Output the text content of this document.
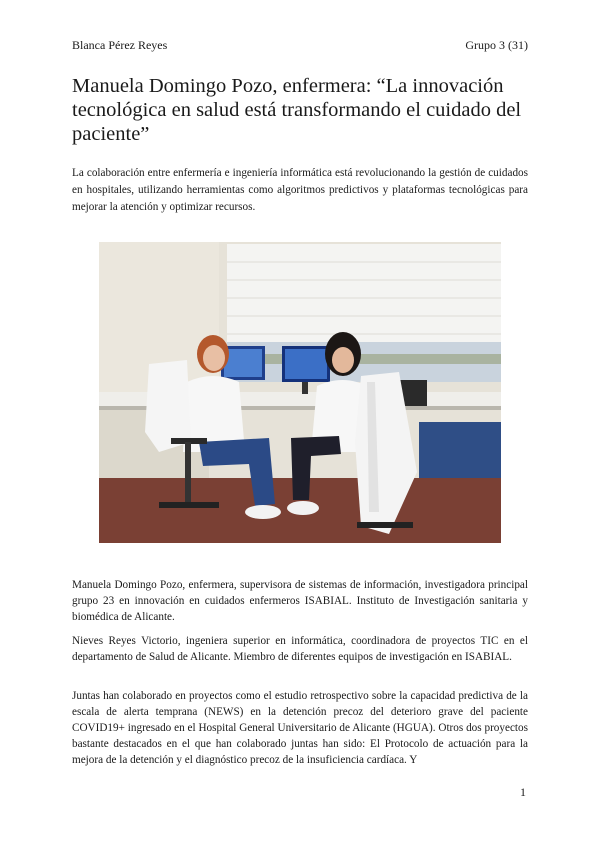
Blanca Pérez Reyes	Grupo 3 (31)
Manuela Domingo Pozo, enfermera: “La innovación tecnológica en salud está transformando el cuidado del paciente”

La colaboración entre enfermería e ingeniería informática está revolucionando la gestión de cuidados en hospitales, utilizando herramientas como algoritmos predictivos y plataformas tecnológicas para mejorar la atención y optimizar recursos.

Manuela Domingo Pozo, enfermera, supervisora de sistemas de información, investigadora principal grupo 23 en innovación en cuidados enfermeros ISABIAL. Instituto de Investigación sanitaria y biomédica de Alicante.

Nieves Reyes Victorio, ingeniera superior en informática, coordinadora de proyectos TIC en el departamento de Salud de Alicante. Miembro de diferentes equipos de investigación en ISABIAL.

Juntas han colaborado en proyectos como el estudio retrospectivo sobre la capacidad predictiva de la escala de alerta temprana (NEWS) en la detención precoz del deterioro grave del paciente COVID19+ ingresado en el Hospital General Universitario de Alicante (HGUA). Otros dos proyectos bastante destacados en el que han colaborado juntas han sido: El Protocolo de actuación para la mejora de la detención y el diagnóstico precoz de la insuficiencia cardíaca. Y

1
